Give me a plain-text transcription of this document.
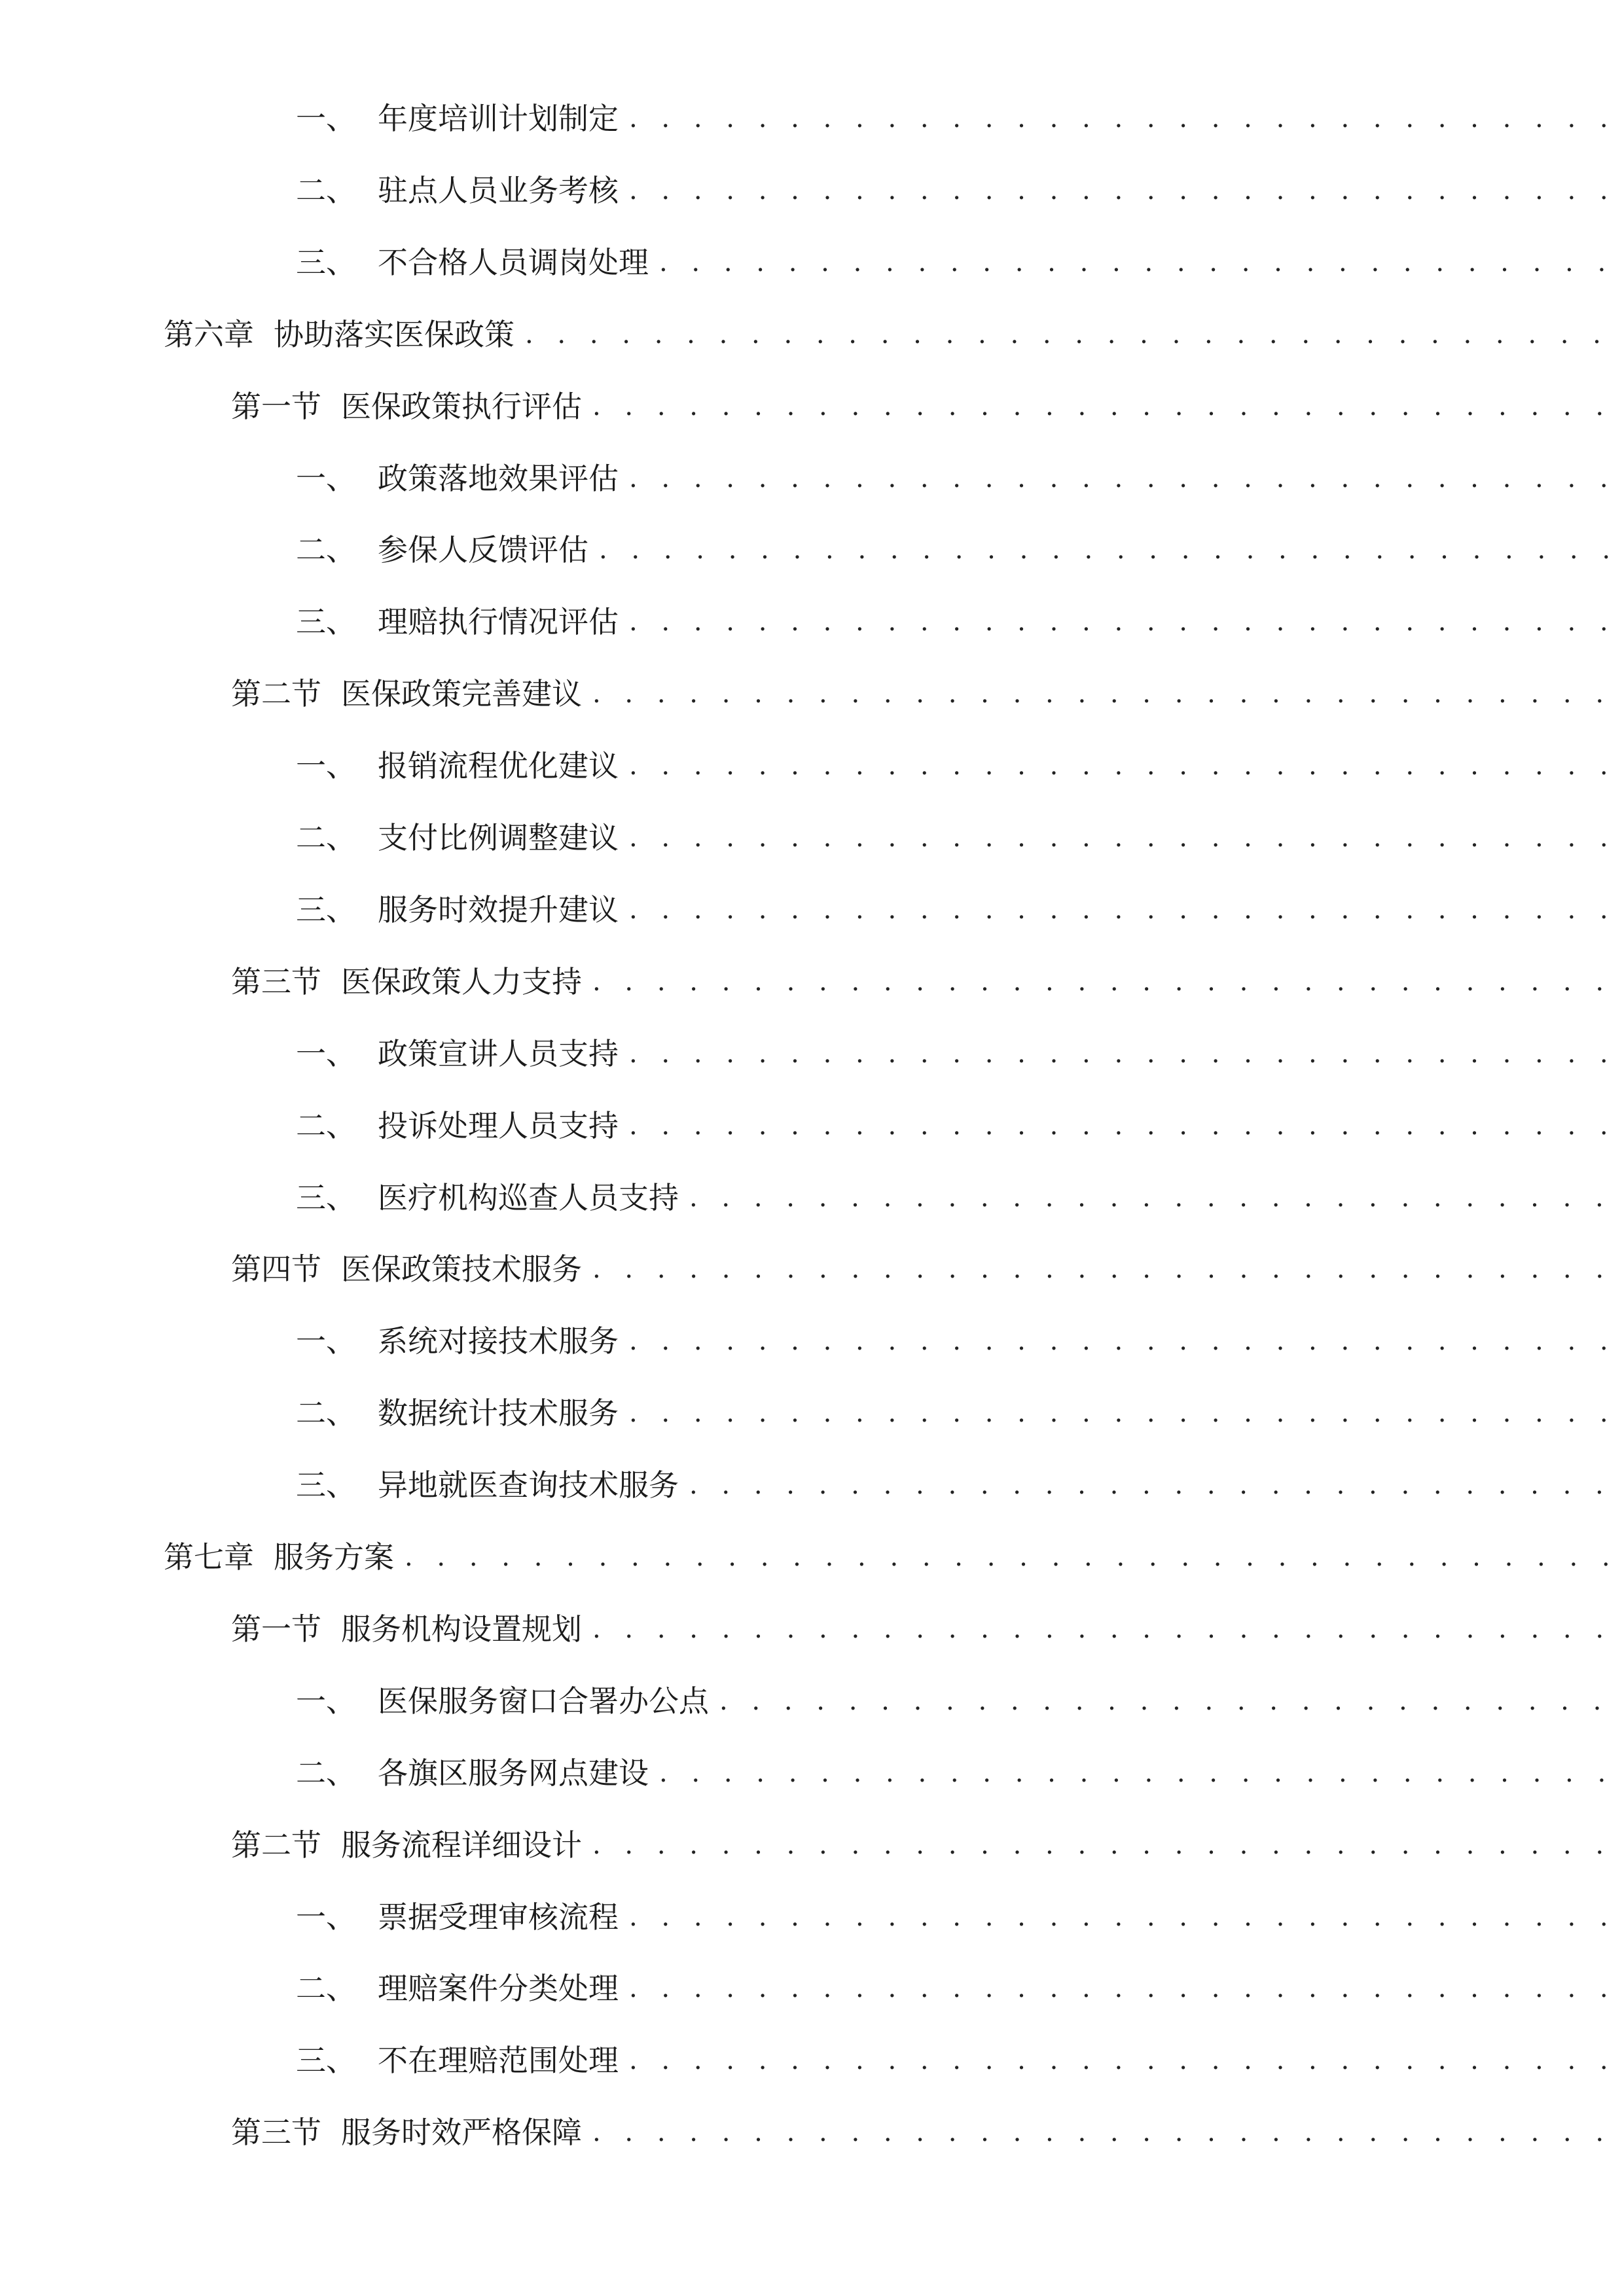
一、 年度培训计划制定
. . .
二、 驻点人员业务考核
. . .
三、 不合格人员调岗处理
. . .
第六章 协助落实医保政策
. . .
第一节 医保政策执行评估
. . .
一、 政策落地效果评估
. . .
二、 参保人反馈评估
. . .
三、 理赔执行情况评估
. . .
第二节 医保政策完善建议
. . .
一、 报销流程优化建议
. . .
二、 支付比例调整建议
. . .
三、 服务时效提升建议
. . .
第三节 医保政策人力支持
. . .
一、 政策宣讲人员支持
. . .
二、 投诉处理人员支持
. . .
三、 医疗机构巡查人员支持
. . .
第四节 医保政策技术服务
. . .
一、 系统对接技术服务
. . .
二、 数据统计技术服务
. . .
三、 异地就医查询技术服务
. . .
第七章 服务方案
. . .
第一节 服务机构设置规划
. . .
一、 医保服务窗口合署办公点
. . .
二、 各旗区服务网点建设
. . .
第二节 服务流程详细设计
. . .
一、 票据受理审核流程
. . .
二、 理赔案件分类处理
. . .
三、 不在理赔范围处理
. . .
第三节 服务时效严格保障
. . .
